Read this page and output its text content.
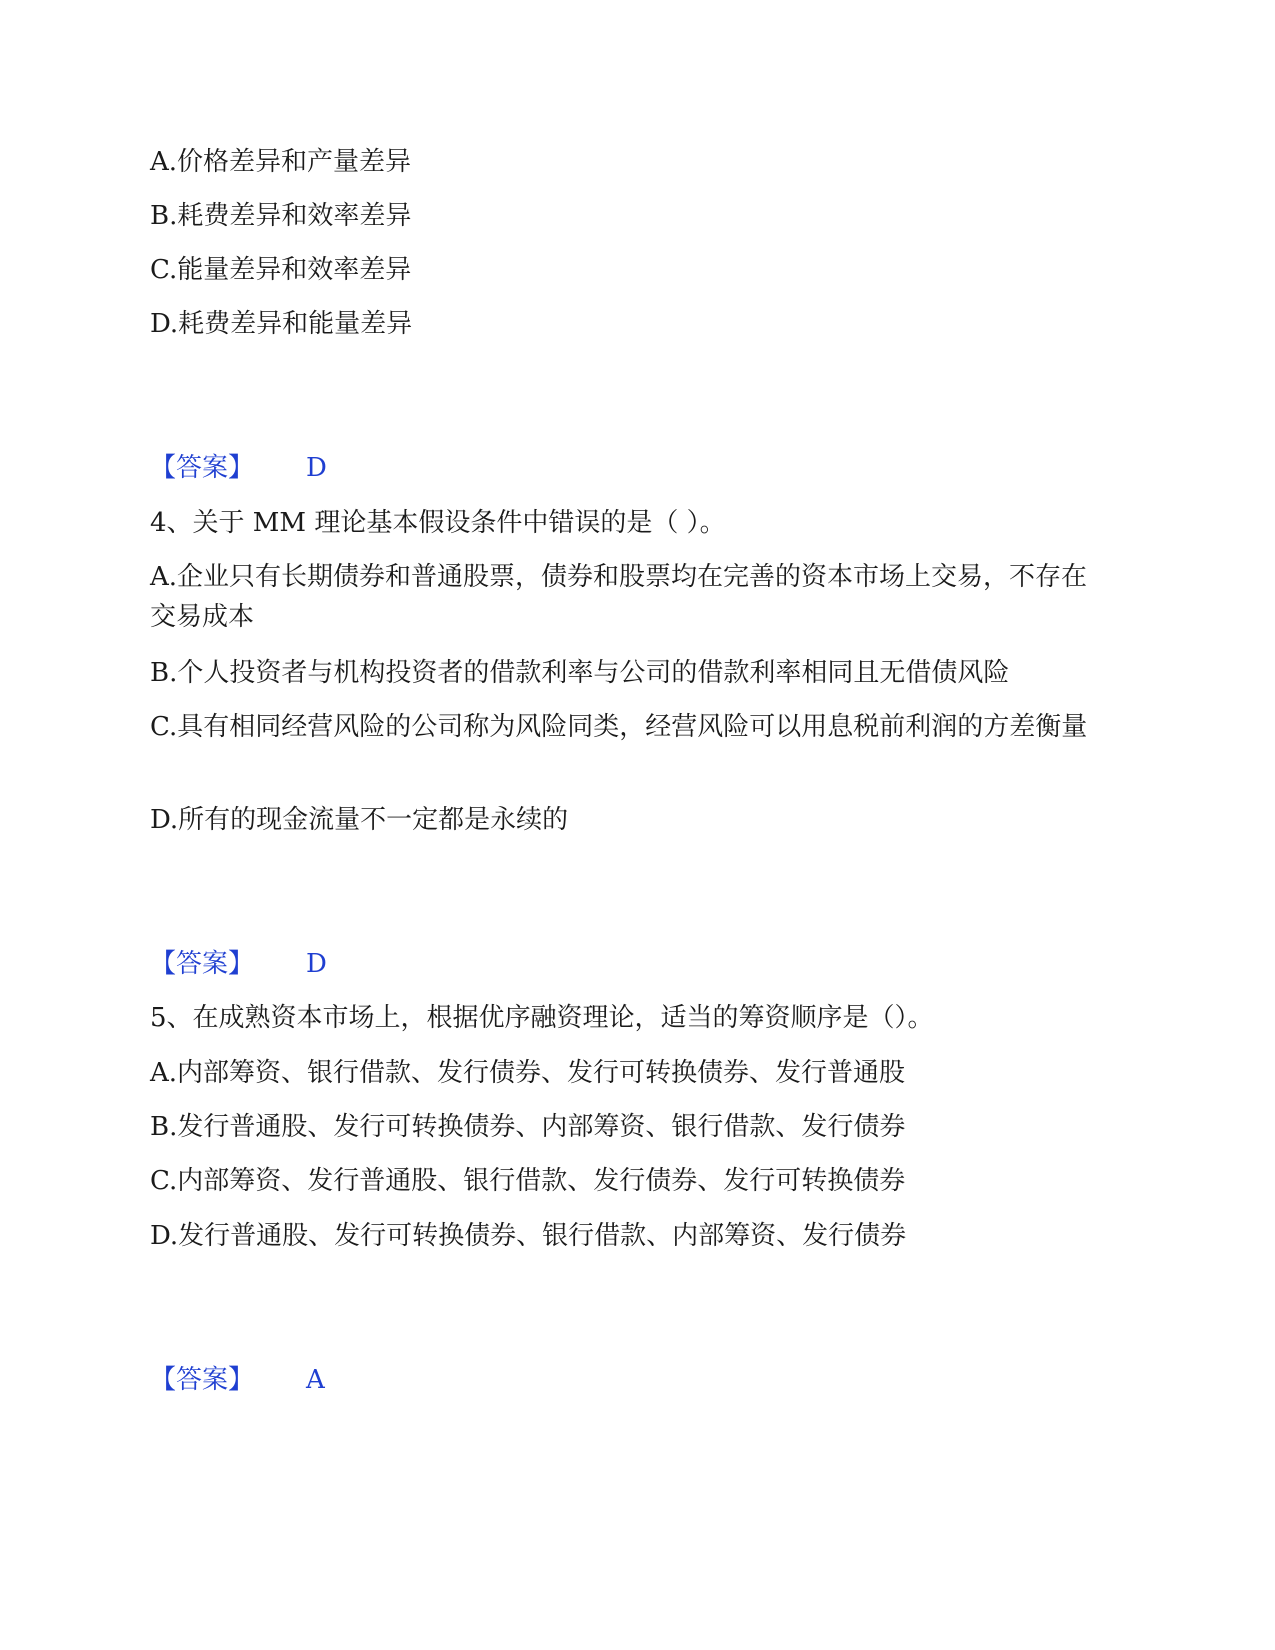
A.价格差异和产量差异
B.耗费差异和效率差异
C.能量差异和效率差异
D.耗费差异和能量差异
【答案】 D
4、关于 MM 理论基本假设条件中错误的是（ ）。
A.企业只有长期债券和普通股票，债券和股票均在完善的资本市场上交易，不存在交易成本
B.个人投资者与机构投资者的借款利率与公司的借款利率相同且无借债风险
C.具有相同经营风险的公司称为风险同类，经营风险可以用息税前利润的方差衡量
D.所有的现金流量不一定都是永续的
【答案】 D
5、在成熟资本市场上，根据优序融资理论，适当的筹资顺序是（）。
A.内部筹资、银行借款、发行债券、发行可转换债券、发行普通股
B.发行普通股、发行可转换债券、内部筹资、银行借款、发行债券
C.内部筹资、发行普通股、银行借款、发行债券、发行可转换债券
D.发行普通股、发行可转换债券、银行借款、内部筹资、发行债券
【答案】 A
